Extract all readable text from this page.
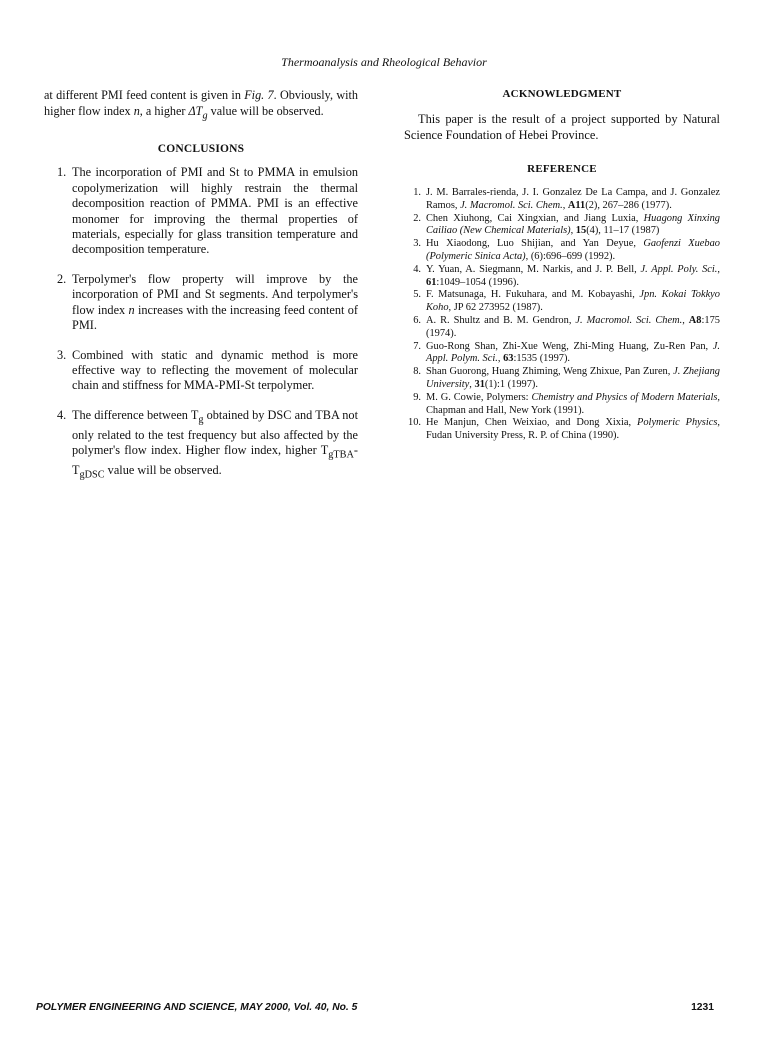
Thermoanalysis and Rheological Behavior

at different PMI feed content is given in Fig. 7. Obviously, with higher flow index n, a higher $\Delta T_g$ value will be observed.

CONCLUSIONS
1. The incorporation of PMI and St to PMMA in emulsion copolymerization will highly restrain the thermal decomposition reaction of PMMA. PMI is an effective monomer for improving the thermal properties of materials, especially for glass transition temperature and decomposition temperature.
2. Terpolymer's flow property will improve by the incorporation of PMI and St segments. And terpolymer's flow index n increases with the increasing feed content of PMI.
3. Combined with static and dynamic method is more effective way to reflecting the movement of molecular chain and stiffness for MMA-PMI-St terpolymer.
4. The difference between $T_g$ obtained by DSC and TBA not only related to the test frequency but also affected by the polymer's flow index. Higher flow index, higher $T_{gTBA}-T_{gDSC}$ value will be observed.
ACKNOWLEDGMENT

This paper is the result of a project supported by Natural Science Foundation of Hebei Province.

REFERENCE
1. J. M. Barrales-rienda, J. I. Gonzalez De La Campa, and J. Gonzalez Ramos, J. Macromol. Sci. Chem., A11(2), 267–286 (1977).
2. Chen Xiuhong, Cai Xingxian, and Jiang Luxia, Huagong Xinxing Cailiao (New Chemical Materials), 15(4), 11–17 (1987)
3. Hu Xiaodong, Luo Shijian, and Yan Deyue, Gaofenzi Xuebao (Polymeric Sinica Acta), (6):696–699 (1992).
4. Y. Yuan, A. Siegmann, M. Narkis, and J. P. Bell, J. Appl. Poly. Sci., 61:1049–1054 (1996).
5. F. Matsunaga, H. Fukuhara, and M. Kobayashi, Jpn. Kokai Tokkyo Koho, JP 62 273952 (1987).
6. A. R. Shultz and B. M. Gendron, J. Macromol. Sci. Chem., A8:175 (1974).
7. Guo-Rong Shan, Zhi-Xue Weng, Zhi-Ming Huang, Zu-Ren Pan, J. Appl. Polym. Sci., 63:1535 (1997).
8. Shan Guorong, Huang Zhiming, Weng Zhixue, Pan Zuren, J. Zhejiang University, 31(1):1 (1997).
9. M. G. Cowie, Polymers: Chemistry and Physics of Modern Materials, Chapman and Hall, New York (1991).
10. He Manjun, Chen Weixiao, and Dong Xixia, Polymeric Physics, Fudan University Press, R. P. of China (1990).
POLYMER ENGINEERING AND SCIENCE, MAY 2000, Vol. 40, No. 5	1231
